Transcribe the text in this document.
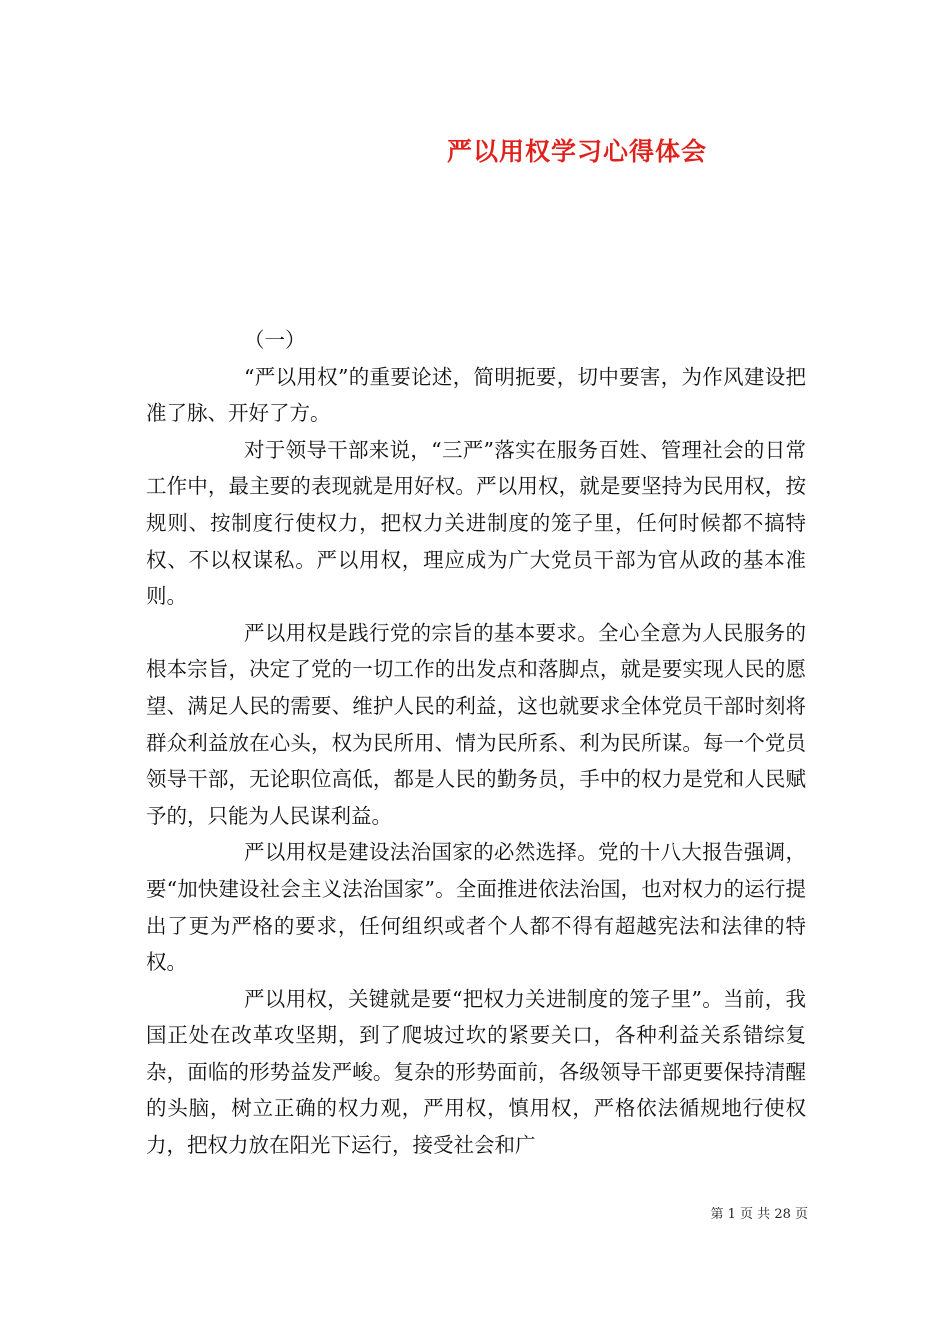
严以用权学习心得体会

（一）

“严以用权”的重要论述，简明扼要，切中要害，为作风建设把准了脉、开好了方。

对于领导干部来说，“三严”落实在服务百姓、管理社会的日常工作中，最主要的表现就是用好权。严以用权，就是要坚持为民用权，按规则、按制度行使权力，把权力关进制度的笼子里，任何时候都不搞特权、不以权谋私。严以用权，理应成为广大党员干部为官从政的基本准则。

严以用权是践行党的宗旨的基本要求。全心全意为人民服务的根本宗旨，决定了党的一切工作的出发点和落脚点，就是要实现人民的愿望、满足人民的需要、维护人民的利益，这也就要求全体党员干部时刻将群众利益放在心头，权为民所用、情为民所系、利为民所谋。每一个党员领导干部，无论职位高低，都是人民的勤务员，手中的权力是党和人民赋予的，只能为人民谋利益。

严以用权是建设法治国家的必然选择。党的十八大报告强调，要“加快建设社会主义法治国家”。全面推进依法治国，也对权力的运行提出了更为严格的要求，任何组织或者个人都不得有超越宪法和法律的特权。

严以用权，关键就是要“把权力关进制度的笼子里”。当前，我国正处在改革攻坚期，到了爬坡过坎的紧要关口，各种利益关系错综复杂，面临的形势益发严峻。复杂的形势面前，各级领导干部更要保持清醒的头脑，树立正确的权力观，严用权，慎用权，严格依法循规地行使权力，把权力放在阳光下运行，接受社会和广

第 1 页 共 28 页
